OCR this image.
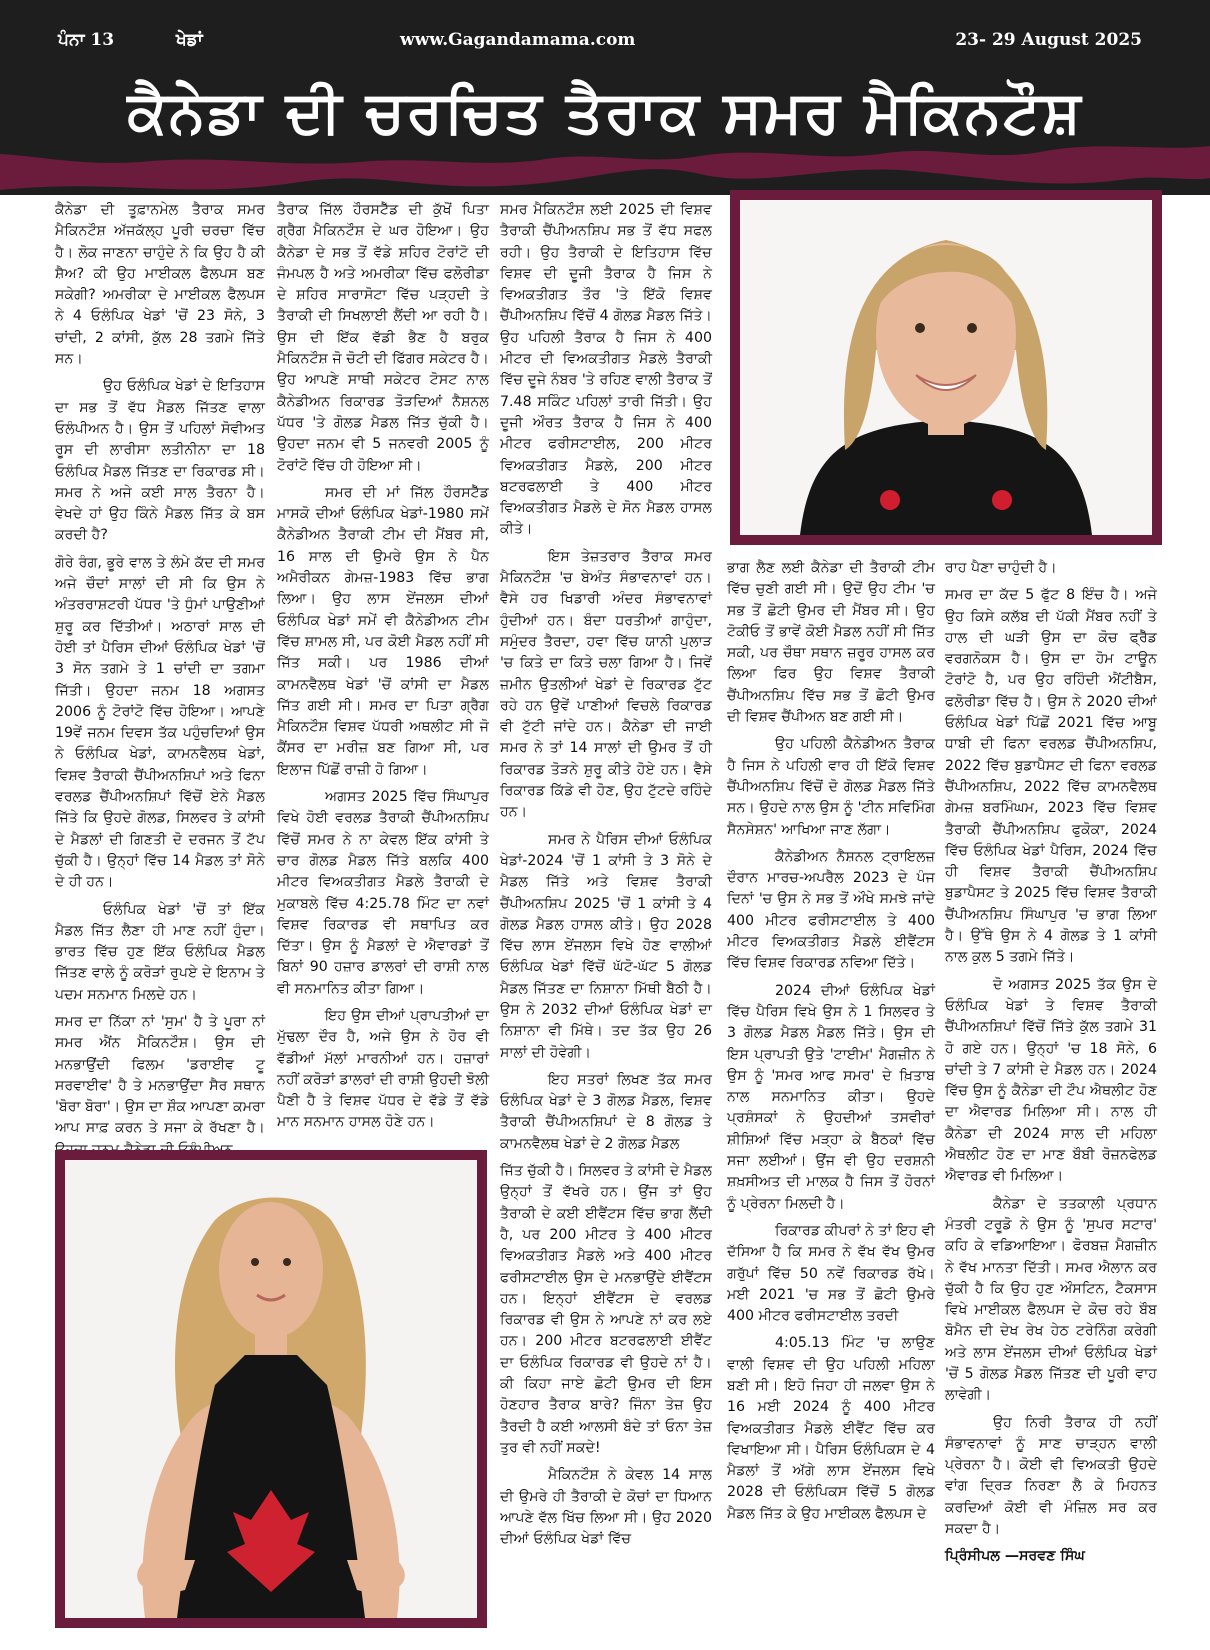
ਪੰਨਾ 13	ਖੇਡਾਂ	www.Gagandamama.com	23- 29 August 2025
ਕੈਨੇਡਾ ਦੀ ਚਰਚਿਤ ਤੈਰਾਕ ਸਮਰ ਮੈਕਿਨਟੌਸ਼

ਕੈਨੇਡਾ ਦੀ ਤੂਫ਼ਾਨਮੇਲ ਤੈਰਾਕ ਸਮਰ ਮੈਕਿਨਟੌਸ਼ ਅੱਜਕੱਲ੍ਹ ਪੂਰੀ ਚਰਚਾ ਵਿੱਚ ਹੈ। ਲੋਕ ਜਾਣਨਾ ਚਾਹੁੰਦੇ ਨੇ ਕਿ ਉਹ ਹੈ ਕੀ ਸ਼ੈਅ? ਕੀ ਉਹ ਮਾਈਕਲ ਫੈਲਪਸ ਬਣ ਸਕੇਗੀ? ਅਮਰੀਕਾ ਦੇ ਮਾਈਕਲ ਫੈਲਪਸ ਨੇ 4 ਓਲੰਪਿਕ ਖੇਡਾਂ 'ਚੋਂ 23 ਸੋਨੇ, 3 ਚਾਂਦੀ, 2 ਕਾਂਸੀ, ਕੁੱਲ 28 ਤਗਮੇ ਜਿੱਤੇ ਸਨ।

ਉਹ ਓਲੰਪਿਕ ਖੇਡਾਂ ਦੇ ਇਤਿਹਾਸ ਦਾ ਸਭ ਤੋਂ ਵੱਧ ਮੈਡਲ ਜਿੱਤਣ ਵਾਲਾ ਓਲੰਪੀਅਨ ਹੈ। ਉਸ ਤੋਂ ਪਹਿਲਾਂ ਸੋਵੀਅਤ ਰੂਸ ਦੀ ਲਾਰੀਸਾ ਲਤੀਨੀਨਾ ਦਾ 18 ਓਲੰਪਿਕ ਮੈਡਲ ਜਿੱਤਣ ਦਾ ਰਿਕਾਰਡ ਸੀ। ਸਮਰ ਨੇ ਅਜੇ ਕਈ ਸਾਲ ਤੈਰਨਾ ਹੈ। ਵੇਖਦੇ ਹਾਂ ਉਹ ਕਿੰਨੇ ਮੈਡਲ ਜਿੱਤ ਕੇ ਬਸ ਕਰਦੀ ਹੈ?

ਗੋਰੇ ਰੰਗ, ਭੂਰੇ ਵਾਲ ਤੇ ਲੰਮੇ ਕੱਦ ਦੀ ਸਮਰ ਅਜੇ ਚੌਦਾਂ ਸਾਲਾਂ ਦੀ ਸੀ ਕਿ ਉਸ ਨੇ ਅੰਤਰਰਾਸ਼ਟਰੀ ਪੱਧਰ 'ਤੇ ਧੁੰਮਾਂ ਪਾਉਣੀਆਂ ਸ਼ੁਰੂ ਕਰ ਦਿੱਤੀਆਂ। ਅਠਾਰਾਂ ਸਾਲ ਦੀ ਹੋਈ ਤਾਂ ਪੈਰਿਸ ਦੀਆਂ ਓਲੰਪਿਕ ਖੇਡਾਂ 'ਚੋਂ 3 ਸੋਨ ਤਗਮੇ ਤੇ 1 ਚਾਂਦੀ ਦਾ ਤਗਮਾ ਜਿੱਤੀ। ਉਹਦਾ ਜਨਮ 18 ਅਗਸਤ 2006 ਨੂੰ ਟੋਰਾਂਟੋ ਵਿੱਚ ਹੋਇਆ। ਆਪਣੇ 19ਵੇਂ ਜਨਮ ਦਿਵਸ ਤੱਕ ਪਹੁੰਚਦਿਆਂ ਉਸ ਨੇ ਓਲੰਪਿਕ ਖੇਡਾਂ, ਕਾਮਨਵੈਲਥ ਖੇਡਾਂ, ਵਿਸ਼ਵ ਤੈਰਾਕੀ ਚੈਂਪੀਅਨਸ਼ਿਪਾਂ ਅਤੇ ਫਿਨਾ ਵਰਲਡ ਚੈਂਪੀਅਨਸ਼ਿਪਾਂ ਵਿੱਚੋਂ ਏਨੇ ਮੈਡਲ ਜਿੱਤੇ ਕਿ ਉਹਦੇ ਗੋਲਡ, ਸਿਲਵਰ ਤੇ ਕਾਂਸੀ ਦੇ ਮੈਡਲਾਂ ਦੀ ਗਿਣਤੀ ਦੋ ਦਰਜਨ ਤੋਂ ਟੱਪ ਚੁੱਕੀ ਹੈ। ਉਨ੍ਹਾਂ ਵਿੱਚ 14 ਮੈਡਲ ਤਾਂ ਸੋਨੇ ਦੇ ਹੀ ਹਨ।

ਓਲੰਪਿਕ ਖੇਡਾਂ 'ਚੋਂ ਤਾਂ ਇੱਕ ਮੈਡਲ ਜਿੱਤ ਲੈਣਾ ਹੀ ਮਾਣ ਨਹੀਂ ਹੁੰਦਾ। ਭਾਰਤ ਵਿੱਚ ਹੁਣ ਇੱਕ ਓਲੰਪਿਕ ਮੈਡਲ ਜਿੱਤਣ ਵਾਲੇ ਨੂੰ ਕਰੋੜਾਂ ਰੁਪਏ ਦੇ ਇਨਾਮ ਤੇ ਪਦਮ ਸਨਮਾਨ ਮਿਲਦੇ ਹਨ।

ਸਮਰ ਦਾ ਨਿੱਕਾ ਨਾਂ 'ਸੁਮ' ਹੈ ਤੇ ਪੂਰਾ ਨਾਂ ਸਮਰ ਐਂਨ ਮੈਕਿਨਟੌਸ਼। ਉਸ ਦੀ ਮਨਭਾਉਂਦੀ ਫਿਲਮ 'ਡਰਾਈਵ ਟੂ ਸਰਵਾਈਵ' ਹੈ ਤੇ ਮਨਭਾਉਂਦਾ ਸੈਰ ਸਥਾਨ 'ਬੋਰਾ ਬੋਰਾ'। ਉਸ ਦਾ ਸ਼ੌਕ ਆਪਣਾ ਕਮਰਾ ਆਪ ਸਾਫ਼ ਕਰਨ ਤੇ ਸਜਾ ਕੇ ਰੱਖਣਾ ਹੈ।

ਤੈਰਾਕ ਜਿੱਲ ਹੌਰਸਟੈੱਡ ਦੀ ਕੁੱਖੋਂ ਪਿਤਾ ਗ੍ਰੈਗ ਮੈਕਿਨਟੌਸ਼ ਦੇ ਘਰ ਹੋਇਆ। ਉਹ ਕੈਨੇਡਾ ਦੇ ਸਭ ਤੋਂ ਵੱਡੇ ਸ਼ਹਿਰ ਟੋਰਾਂਟੋ ਦੀ ਜੰਮਪਲ ਹੈ ਅਤੇ ਅਮਰੀਕਾ ਵਿੱਚ ਫਲੋਰੀਡਾ ਦੇ ਸ਼ਹਿਰ ਸਾਰਾਸੋਟਾ ਵਿੱਚ ਪੜ੍ਹਦੀ ਤੇ ਤੈਰਾਕੀ ਦੀ ਸਿਖਲਾਈ ਲੈਂਦੀ ਆ ਰਹੀ ਹੈ। ਉਸ ਦੀ ਇੱਕ ਵੱਡੀ ਭੈਣ ਹੈ ਬਰੁਕ ਮੈਕਿਨਟੌਸ਼ ਜੋ ਚੋਟੀ ਦੀ ਫਿੱਗਰ ਸਕੇਟਰ ਹੈ। ਉਹ ਆਪਣੇ ਸਾਥੀ ਸਕੇਟਰ ਟੋਸਟ ਨਾਲ ਕੈਨੇਡੀਅਨ ਰਿਕਾਰਡ ਤੋੜਦਿਆਂ ਨੈਸ਼ਨਲ ਪੱਧਰ 'ਤੇ ਗੋਲਡ ਮੈਡਲ ਜਿੱਤ ਚੁੱਕੀ ਹੈ। ਉਹਦਾ ਜਨਮ ਵੀ 5 ਜਨਵਰੀ 2005 ਨੂੰ ਟੋਰਾਂਟੋ ਵਿੱਚ ਹੀ ਹੋਇਆ ਸੀ।

ਸਮਰ ਦੀ ਮਾਂ ਜਿੱਲ ਹੌਰਸਟੈੱਡ ਮਾਸਕੋ ਦੀਆਂ ਓਲੰਪਿਕ ਖੇਡਾਂ-1980 ਸਮੇਂ ਕੈਨੇਡੀਅਨ ਤੈਰਾਕੀ ਟੀਮ ਦੀ ਮੈਂਬਰ ਸੀ, 16 ਸਾਲ ਦੀ ਉਮਰੇ ਉਸ ਨੇ ਪੈਨ ਅਮੈਰੀਕਨ ਗੇਮਜ਼-1983 ਵਿੱਚ ਭਾਗ ਲਿਆ। ਉਹ ਲਾਸ ਏਂਜਲਸ ਦੀਆਂ ਓਲੰਪਿਕ ਖੇਡਾਂ ਸਮੇਂ ਵੀ ਕੈਨੇਡੀਅਨ ਟੀਮ ਵਿੱਚ ਸ਼ਾਮਲ ਸੀ, ਪਰ ਕੋਈ ਮੈਡਲ ਨਹੀਂ ਸੀ ਜਿੱਤ ਸਕੀ। ਪਰ 1986 ਦੀਆਂ ਕਾਮਨਵੈਲਥ ਖੇਡਾਂ 'ਚੋਂ ਕਾਂਸੀ ਦਾ ਮੈਡਲ ਜਿੱਤ ਗਈ ਸੀ। ਸਮਰ ਦਾ ਪਿਤਾ ਗ੍ਰੈਗ ਮੈਕਿਨਟੌਸ਼ ਵਿਸ਼ਵ ਪੱਧਰੀ ਅਥਲੀਟ ਸੀ ਜੋ ਕੈਂਸਰ ਦਾ ਮਰੀਜ਼ ਬਣ ਗਿਆ ਸੀ, ਪਰ ਇਲਾਜ ਪਿੱਛੋਂ ਰਾਜ਼ੀ ਹੋ ਗਿਆ।

ਅਗਸਤ 2025 ਵਿੱਚ ਸਿੰਘਾਪੁਰ ਵਿਖੇ ਹੋਈ ਵਰਲਡ ਤੈਰਾਕੀ ਚੈਂਪੀਅਨਸ਼ਿਪ ਵਿੱਚੋਂ ਸਮਰ ਨੇ ਨਾ ਕੇਵਲ ਇੱਕ ਕਾਂਸੀ ਤੇ ਚਾਰ ਗੋਲਡ ਮੈਡਲ ਜਿੱਤੇ ਬਲਕਿ 400 ਮੀਟਰ ਵਿਅਕਤੀਗਤ ਮੈਡਲੇ ਤੈਰਾਕੀ ਦੇ ਮੁਕਾਬਲੇ ਵਿੱਚ 4:25.78 ਮਿੰਟ ਦਾ ਨਵਾਂ ਵਿਸ਼ਵ ਰਿਕਾਰਡ ਵੀ ਸਥਾਪਿਤ ਕਰ ਦਿੱਤਾ। ਉਸ ਨੂੰ ਮੈਡਲਾਂ ਦੇ ਐਵਾਰਡਾਂ ਤੋਂ ਬਿਨਾਂ 90 ਹਜ਼ਾਰ ਡਾਲਰਾਂ ਦੀ ਰਾਸ਼ੀ ਨਾਲ ਵੀ ਸਨਮਾਨਿਤ ਕੀਤਾ ਗਿਆ।

ਇਹ ਉਸ ਦੀਆਂ ਪ੍ਰਾਪਤੀਆਂ ਦਾ ਮੁੱਢਲਾ ਦੌਰ ਹੈ, ਅਜੇ ਉਸ ਨੇ ਹੋਰ ਵੀ ਵੱਡੀਆਂ ਮੱਲਾਂ ਮਾਰਨੀਆਂ ਹਨ। ਹਜ਼ਾਰਾਂ ਨਹੀਂ ਕਰੋੜਾਂ ਡਾਲਰਾਂ ਦੀ ਰਾਸ਼ੀ ਉਹਦੀ ਝੋਲੀ ਪੈਣੀ ਹੈ ਤੇ ਵਿਸ਼ਵ ਪੱਧਰ ਦੇ ਵੱਡੇ ਤੋਂ ਵੱਡੇ ਮਾਨ ਸਨਮਾਨ ਹਾਸਲ ਹੋਣੇ ਹਨ।

ਸਮਰ ਮੈਕਿਨਟੌਸ਼ ਲਈ 2025 ਦੀ ਵਿਸ਼ਵ ਤੈਰਾਕੀ ਚੈਂਪੀਅਨਸ਼ਿਪ ਸਭ ਤੋਂ ਵੱਧ ਸਫਲ ਰਹੀ। ਉਹ ਤੈਰਾਕੀ ਦੇ ਇਤਿਹਾਸ ਵਿੱਚ ਵਿਸ਼ਵ ਦੀ ਦੂਜੀ ਤੈਰਾਕ ਹੈ ਜਿਸ ਨੇ ਵਿਅਕਤੀਗਤ ਤੌਰ 'ਤੇ ਇੱਕੋ ਵਿਸ਼ਵ ਚੈਂਪੀਅਨਸ਼ਿਪ ਵਿੱਚੋਂ 4 ਗੋਲਡ ਮੈਡਲ ਜਿੱਤੇ। ਉਹ ਪਹਿਲੀ ਤੈਰਾਕ ਹੈ ਜਿਸ ਨੇ 400 ਮੀਟਰ ਦੀ ਵਿਅਕਤੀਗਤ ਮੈਡਲੇ ਤੈਰਾਕੀ ਵਿੱਚ ਦੂਜੇ ਨੰਬਰ 'ਤੇ ਰਹਿਣ ਵਾਲੀ ਤੈਰਾਕ ਤੋਂ 7.48 ਸਕਿੰਟ ਪਹਿਲਾਂ ਤਾਰੀ ਜਿੱਤੀ। ਉਹ ਦੂਜੀ ਔਰਤ ਤੈਰਾਕ ਹੈ ਜਿਸ ਨੇ 400 ਮੀਟਰ ਫਰੀਸਟਾਈਲ, 200 ਮੀਟਰ ਵਿਅਕਤੀਗਤ ਮੈਡਲੇ, 200 ਮੀਟਰ ਬਟਰਫਲਾਈ ਤੇ 400 ਮੀਟਰ ਵਿਅਕਤੀਗਤ ਮੈਡਲੇ ਦੇ ਸੋਨ ਮੈਡਲ ਹਾਸਲ ਕੀਤੇ।

ਇਸ ਤੇਜ਼ਤਰਾਰ ਤੈਰਾਕ ਸਮਰ ਮੈਕਿਨਟੌਸ਼ 'ਚ ਬੇਅੰਤ ਸੰਭਾਵਨਾਵਾਂ ਹਨ। ਵੈਸੇ ਹਰ ਖਿਡਾਰੀ ਅੰਦਰ ਸੰਭਾਵਨਾਵਾਂ ਹੁੰਦੀਆਂ ਹਨ। ਬੰਦਾ ਧਰਤੀਆਂ ਗਾਹੁੰਦਾ, ਸਮੁੰਦਰ ਤੈਰਦਾ, ਹਵਾ ਵਿੱਚ ਯਾਨੀ ਪੁਲਾੜ 'ਚ ਕਿਤੇ ਦਾ ਕਿਤੇ ਚਲਾ ਗਿਆ ਹੈ। ਜਿਵੇਂ ਜ਼ਮੀਨ ਉਤਲੀਆਂ ਖੇਡਾਂ ਦੇ ਰਿਕਾਰਡ ਟੁੱਟ ਰਹੇ ਹਨ ਉਵੇਂ ਪਾਣੀਆਂ ਵਿਚਲੇ ਰਿਕਾਰਡ ਵੀ ਟੁੱਟੀ ਜਾਂਦੇ ਹਨ। ਕੈਨੇਡਾ ਦੀ ਜਾਈ ਸਮਰ ਨੇ ਤਾਂ 14 ਸਾਲਾਂ ਦੀ ਉਮਰ ਤੋਂ ਹੀ ਰਿਕਾਰਡ ਤੋੜਨੇ ਸ਼ੁਰੂ ਕੀਤੇ ਹੋਏ ਹਨ। ਵੈਸੇ ਰਿਕਾਰਡ ਕਿੱਡੇ ਵੀ ਹੋਣ, ਉਹ ਟੁੱਟਦੇ ਰਹਿੰਦੇ ਹਨ।

ਸਮਰ ਨੇ ਪੈਰਿਸ ਦੀਆਂ ਓਲੰਪਿਕ ਖੇਡਾਂ-2024 'ਚੋਂ 1 ਕਾਂਸੀ ਤੇ 3 ਸੋਨੇ ਦੇ ਮੈਡਲ ਜਿੱਤੇ ਅਤੇ ਵਿਸ਼ਵ ਤੈਰਾਕੀ ਚੈਂਪੀਅਨਸ਼ਿਪ 2025 'ਚੋਂ 1 ਕਾਂਸੀ ਤੇ 4 ਗੋਲਡ ਮੈਡਲ ਹਾਸਲ ਕੀਤੇ। ਉਹ 2028 ਵਿੱਚ ਲਾਸ ਏਂਜਲਸ ਵਿਖੇ ਹੋਣ ਵਾਲੀਆਂ ਓਲੰਪਿਕ ਖੇਡਾਂ ਵਿੱਚੋਂ ਘੱਟੋ-ਘੱਟ 5 ਗੋਲਡ ਮੈਡਲ ਜਿੱਤਣ ਦਾ ਨਿਸ਼ਾਨਾ ਮਿੱਥੀ ਬੈਠੀ ਹੈ। ਉਸ ਨੇ 2032 ਦੀਆਂ ਓਲੰਪਿਕ ਖੇਡਾਂ ਦਾ ਨਿਸ਼ਾਨਾ ਵੀ ਮਿੱਥੇ। ਤਦ ਤੱਕ ਉਹ 26 ਸਾਲਾਂ ਦੀ ਹੋਵੇਗੀ।

ਇਹ ਸਤਰਾਂ ਲਿਖਣ ਤੱਕ ਸਮਰ ਓਲੰਪਿਕ ਖੇਡਾਂ ਦੇ 3 ਗੋਲਡ ਮੈਡਲ, ਵਿਸ਼ਵ ਤੈਰਾਕੀ ਚੈਂਪੀਅਨਸ਼ਿਪਾਂ ਦੇ 8 ਗੋਲਡ ਤੇ ਕਾਮਨਵੈਲਥ ਖੇਡਾਂ ਦੇ 2 ਗੋਲਡ ਮੈਡਲ

ਜਿੱਤ ਚੁੱਕੀ ਹੈ। ਸਿਲਵਰ ਤੇ ਕਾਂਸੀ ਦੇ ਮੈਡਲ ਉਨ੍ਹਾਂ ਤੋਂ ਵੱਖਰੇ ਹਨ। ਉਂਜ ਤਾਂ ਉਹ ਤੈਰਾਕੀ ਦੇ ਕਈ ਈਵੈਂਟਸ ਵਿੱਚ ਭਾਗ ਲੈਂਦੀ ਹੈ, ਪਰ 200 ਮੀਟਰ ਤੇ 400 ਮੀਟਰ ਵਿਅਕਤੀਗਤ ਮੈਡਲੇ ਅਤੇ 400 ਮੀਟਰ ਫਰੀਸਟਾਈਲ ਉਸ ਦੇ ਮਨਭਾਉਂਦੇ ਈਵੈਂਟਸ ਹਨ। ਇਨ੍ਹਾਂ ਈਵੈਂਟਸ ਦੇ ਵਰਲਡ ਰਿਕਾਰਡ ਵੀ ਉਸ ਨੇ ਆਪਣੇ ਨਾਂ ਕਰ ਲਏ ਹਨ। 200 ਮੀਟਰ ਬਟਰਫਲਾਈ ਈਵੈਂਟ ਦਾ ਓਲੰਪਿਕ ਰਿਕਾਰਡ ਵੀ ਉਹਦੇ ਨਾਂ ਹੈ। ਕੀ ਕਿਹਾ ਜਾਏ ਛੋਟੀ ਉਮਰ ਦੀ ਇਸ ਹੋਣਹਾਰ ਤੈਰਾਕ ਬਾਰੇ? ਜਿੰਨਾ ਤੇਜ਼ ਉਹ ਤੈਰਦੀ ਹੈ ਕਈ ਆਲਸੀ ਬੰਦੇ ਤਾਂ ਓਨਾ ਤੇਜ਼ ਤੁਰ ਵੀ ਨਹੀਂ ਸਕਦੇ!

ਮੈਕਿਨਟੌਸ਼ ਨੇ ਕੇਵਲ 14 ਸਾਲ ਦੀ ਉਮਰੇ ਹੀ ਤੈਰਾਕੀ ਦੇ ਕੋਚਾਂ ਦਾ ਧਿਆਨ ਆਪਣੇ ਵੱਲ ਖਿੱਚ ਲਿਆ ਸੀ। ਉਹ 2020 ਦੀਆਂ ਓਲੰਪਿਕ ਖੇਡਾਂ ਵਿੱਚ

ਭਾਗ ਲੈਣ ਲਈ ਕੈਨੇਡਾ ਦੀ ਤੈਰਾਕੀ ਟੀਮ ਵਿੱਚ ਚੁਣੀ ਗਈ ਸੀ। ਉਦੋਂ ਉਹ ਟੀਮ 'ਚ ਸਭ ਤੋਂ ਛੋਟੀ ਉਮਰ ਦੀ ਮੈਂਬਰ ਸੀ। ਉਹ ਟੋਕੀਓ ਤੋਂ ਭਾਵੇਂ ਕੋਈ ਮੈਡਲ ਨਹੀਂ ਸੀ ਜਿੱਤ ਸਕੀ, ਪਰ ਚੌਥਾ ਸਥਾਨ ਜ਼ਰੂਰ ਹਾਸਲ ਕਰ ਲਿਆ ਫਿਰ ਉਹ ਵਿਸ਼ਵ ਤੈਰਾਕੀ ਚੈਂਪੀਅਨਸ਼ਿਪ ਵਿੱਚ ਸਭ ਤੋਂ ਛੋਟੀ ਉਮਰ ਦੀ ਵਿਸ਼ਵ ਚੈਂਪੀਅਨ ਬਣ ਗਈ ਸੀ।

ਉਹ ਪਹਿਲੀ ਕੈਨੇਡੀਅਨ ਤੈਰਾਕ ਹੈ ਜਿਸ ਨੇ ਪਹਿਲੀ ਵਾਰ ਹੀ ਇੱਕੋ ਵਿਸ਼ਵ ਚੈਂਪੀਅਨਸ਼ਿਪ ਵਿੱਚੋਂ ਦੋ ਗੋਲਡ ਮੈਡਲ ਜਿੱਤੇ ਸਨ। ਉਹਦੇ ਨਾਲ ਉਸ ਨੂੰ 'ਟੀਨ ਸਵਿਮਿੰਗ ਸੈਨਸੇਸ਼ਨ' ਆਖਿਆ ਜਾਣ ਲੱਗਾ।

ਕੈਨੇਡੀਅਨ ਨੈਸ਼ਨਲ ਟ੍ਰਾਇਲਜ਼ ਦੌਰਾਨ ਮਾਰਚ-ਅਪਰੈਲ 2023 ਦੇ ਪੰਜ ਦਿਨਾਂ 'ਚ ਉਸ ਨੇ ਸਭ ਤੋਂ ਔਖੇ ਸਮਝੇ ਜਾਂਦੇ 400 ਮੀਟਰ ਫਰੀਸਟਾਈਲ ਤੇ 400 ਮੀਟਰ ਵਿਅਕਤੀਗਤ ਮੈਡਲੇ ਈਵੈਂਟਸ ਵਿੱਚ ਵਿਸ਼ਵ ਰਿਕਾਰਡ ਨਵਿਆ ਦਿੱਤੇ।

2024 ਦੀਆਂ ਓਲੰਪਿਕ ਖੇਡਾਂ ਵਿੱਚ ਪੈਰਿਸ ਵਿਖੇ ਉਸ ਨੇ 1 ਸਿਲਵਰ ਤੇ 3 ਗੋਲਡ ਮੈਡਲ ਮੈਡਲ ਜਿੱਤੇ। ਉਸ ਦੀ ਇਸ ਪ੍ਰਾਪਤੀ ਉਤੇ 'ਟਾਈਮ' ਮੈਗਜ਼ੀਨ ਨੇ ਉਸ ਨੂੰ 'ਸਮਰ ਆਫ ਸਮਰ' ਦੇ ਖ਼ਿਤਾਬ ਨਾਲ ਸਨਮਾਨਿਤ ਕੀਤਾ। ਉਹਦੇ ਪ੍ਰਸ਼ੰਸਕਾਂ ਨੇ ਉਹਦੀਆਂ ਤਸਵੀਰਾਂ ਸ਼ੀਸ਼ਿਆਂ ਵਿੱਚ ਮੜ੍ਹਾ ਕੇ ਬੈਠਕਾਂ ਵਿੱਚ ਸਜਾ ਲਈਆਂ। ਉਂਜ ਵੀ ਉਹ ਦਰਸ਼ਨੀ ਸ਼ਖ਼ਸੀਅਤ ਦੀ ਮਾਲਕ ਹੈ ਜਿਸ ਤੋਂ ਹੋਰਨਾਂ ਨੂੰ ਪ੍ਰੇਰਨਾ ਮਿਲਦੀ ਹੈ।

ਰਿਕਾਰਡ ਕੀਪਰਾਂ ਨੇ ਤਾਂ ਇਹ ਵੀ ਦੱਸਿਆ ਹੈ ਕਿ ਸਮਰ ਨੇ ਵੱਖ ਵੱਖ ਉਮਰ ਗਰੁੱਪਾਂ ਵਿੱਚ 50 ਨਵੇਂ ਰਿਕਾਰਡ ਰੱਖੇ। ਮਈ 2021 'ਚ ਸਭ ਤੋਂ ਛੋਟੀ ਉਮਰੇ 400 ਮੀਟਰ ਫਰੀਸਟਾਈਲ ਤਰਦੀ

4:05.13 ਮਿੰਟ 'ਚ ਲਾਉਣ ਵਾਲੀ ਵਿਸ਼ਵ ਦੀ ਉਹ ਪਹਿਲੀ ਮਹਿਲਾ ਬਣੀ ਸੀ। ਇਹੋ ਜਿਹਾ ਹੀ ਜਲਵਾ ਉਸ ਨੇ 16 ਮਈ 2024 ਨੂੰ 400 ਮੀਟਰ ਵਿਅਕਤੀਗਤ ਮੈਡਲੇ ਈਵੈਂਟ ਵਿੱਚ ਕਰ ਵਿਖਾਇਆ ਸੀ। ਪੈਰਿਸ ਓਲੰਪਿਕਸ ਦੇ 4 ਮੈਡਲਾਂ ਤੋਂ ਅੱਗੇ ਲਾਸ ਏਂਜਲਸ ਵਿਖੇ 2028 ਦੀ ਓਲੰਪਿਕਸ ਵਿੱਚੋਂ 5 ਗੋਲਡ ਮੈਡਲ ਜਿੱਤ ਕੇ ਉਹ ਮਾਈਕਲ ਫੈਲਪਸ ਦੇ

ਰਾਹ ਪੈਣਾ ਚਾਹੁੰਦੀ ਹੈ।

ਸਮਰ ਦਾ ਕੱਦ 5 ਫੁੱਟ 8 ਇੰਚ ਹੈ। ਅਜੇ ਉਹ ਕਿਸੇ ਕਲੱਬ ਦੀ ਪੱਕੀ ਮੈਂਬਰ ਨਹੀਂ ਤੇ ਹਾਲ ਦੀ ਘੜੀ ਉਸ ਦਾ ਕੋਚ ਫ੍ਰੈੱਡ ਵਰਗਨੋਕਸ ਹੈ। ਉਸ ਦਾ ਹੋਮ ਟਾਊਨ ਟੋਰਾਂਟੋ ਹੈ, ਪਰ ਉਹ ਰਹਿੰਦੀ ਐਂਟੀਬੈਸ, ਫਲੋਰੀਡਾ ਵਿੱਚ ਹੈ। ਉਸ ਨੇ 2020 ਦੀਆਂ ਓਲੰਪਿਕ ਖੇਡਾਂ ਪਿੱਛੋਂ 2021 ਵਿੱਚ ਆਬੂ ਧਾਬੀ ਦੀ ਫਿਨਾ ਵਰਲਡ ਚੈਂਪੀਅਨਸ਼ਿਪ, 2022 ਵਿੱਚ ਬੁਡਾਪੈਸਟ ਦੀ ਫਿਨਾ ਵਰਲਡ ਚੈਂਪੀਅਨਸ਼ਿਪ, 2022 ਵਿੱਚ ਕਾਮਨਵੈਲਥ ਗੇਮਜ਼ ਬਰਮਿੰਘਮ, 2023 ਵਿੱਚ ਵਿਸ਼ਵ ਤੈਰਾਕੀ ਚੈਂਪੀਅਨਸ਼ਿਪ ਫੁਕੋਕਾ, 2024 ਵਿੱਚ ਓਲੰਪਿਕ ਖੇਡਾਂ ਪੈਰਿਸ, 2024 ਵਿੱਚ ਹੀ ਵਿਸ਼ਵ ਤੈਰਾਕੀ ਚੈਂਪੀਅਨਸ਼ਿਪ ਬੁਡਾਪੈਸਟ ਤੇ 2025 ਵਿੱਚ ਵਿਸ਼ਵ ਤੈਰਾਕੀ ਚੈਂਪੀਅਨਸ਼ਿਪ ਸਿੰਘਾਪੁਰ 'ਚ ਭਾਗ ਲਿਆ ਹੈ। ਉੱਥੇ ਉਸ ਨੇ 4 ਗੋਲਡ ਤੇ 1 ਕਾਂਸੀ ਨਾਲ ਕੁਲ 5 ਤਗਮੇ ਜਿੱਤੇ।

ਦੋ ਅਗਸਤ 2025 ਤੱਕ ਉਸ ਦੇ ਓਲੰਪਿਕ ਖੇਡਾਂ ਤੇ ਵਿਸ਼ਵ ਤੈਰਾਕੀ ਚੈਂਪੀਅਨਸ਼ਿਪਾਂ ਵਿੱਚੋਂ ਜਿੱਤੇ ਕੁੱਲ ਤਗਮੇ 31 ਹੋ ਗਏ ਹਨ। ਉਨ੍ਹਾਂ 'ਚ 18 ਸੋਨੇ, 6 ਚਾਂਦੀ ਤੇ 7 ਕਾਂਸੀ ਦੇ ਮੈਡਲ ਹਨ। 2024 ਵਿੱਚ ਉਸ ਨੂੰ ਕੈਨੇਡਾ ਦੀ ਟੌਪ ਐਥਲੀਟ ਹੋਣ ਦਾ ਐਵਾਰਡ ਮਿਲਿਆ ਸੀ। ਨਾਲ ਹੀ ਕੈਨੇਡਾ ਦੀ 2024 ਸਾਲ ਦੀ ਮਹਿਲਾ ਐਥਲੀਟ ਹੋਣ ਦਾ ਮਾਣ ਬੌਬੀ ਰੋਜ਼ਨਫੇਲਡ ਐਵਾਰਡ ਵੀ ਮਿਲਿਆ।

ਕੈਨੇਡਾ ਦੇ ਤਤਕਾਲੀ ਪ੍ਰਧਾਨ ਮੰਤਰੀ ਟਰੂਡੋ ਨੇ ਉਸ ਨੂੰ 'ਸੁਪਰ ਸਟਾਰ' ਕਹਿ ਕੇ ਵਡਿਆਇਆ। ਫੋਰਬਜ਼ ਮੈਗਜ਼ੀਨ ਨੇ ਵੱਖ ਮਾਨਤਾ ਦਿੱਤੀ। ਸਮਰ ਐਲਾਨ ਕਰ ਚੁੱਕੀ ਹੈ ਕਿ ਉਹ ਹੁਣ ਔਸਟਿਨ, ਟੈਕਸਾਸ ਵਿਖੇ ਮਾਈਕਲ ਫੈਲਪਸ ਦੇ ਕੋਚ ਰਹੇ ਬੌਬ ਬੋਮੈਨ ਦੀ ਦੇਖ ਰੇਖ ਹੇਠ ਟਰੇਨਿੰਗ ਕਰੇਗੀ ਅਤੇ ਲਾਸ ਏਂਜਲਸ ਦੀਆਂ ਓਲੰਪਿਕ ਖੇਡਾਂ 'ਚੋਂ 5 ਗੋਲਡ ਮੈਡਲ ਜਿੱਤਣ ਦੀ ਪੂਰੀ ਵਾਹ ਲਾਵੇਗੀ।

ਉਹ ਨਿਰੀ ਤੈਰਾਕ ਹੀ ਨਹੀਂ ਸੰਭਾਵਨਾਵਾਂ ਨੂੰ ਸਾਣ ਚਾੜ੍ਹਨ ਵਾਲੀ ਪ੍ਰੇਰਨਾ ਹੈ। ਕੋਈ ਵੀ ਵਿਅਕਤੀ ਉਹਦੇ ਵਾਂਗ ਦ੍ਰਿੜ ਨਿਰਣਾ ਲੈ ਕੇ ਮਿਹਨਤ ਕਰਦਿਆਂ ਕੋਈ ਵੀ ਮੰਜ਼ਿਲ ਸਰ ਕਰ ਸਕਦਾ ਹੈ।

ਪ੍ਰਿੰਸੀਪਲ —ਸਰਵਣ ਸਿੰਘ
